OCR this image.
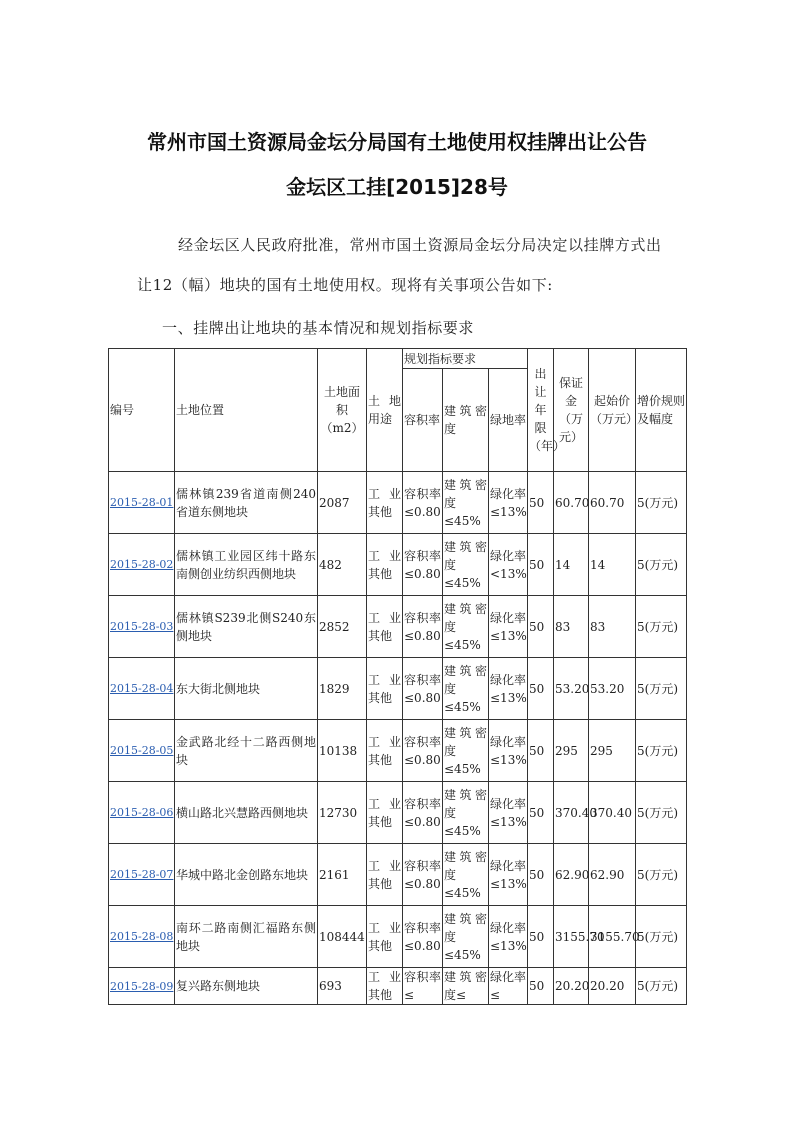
常州市国土资源局金坛分局国有土地使用权挂牌出让公告
金坛区工挂[2015]28号
经金坛区人民政府批准，常州市国土资源局金坛分局决定以挂牌方式出
让12（幅）地块的国有土地使用权。现将有关事项公告如下:
一、挂牌出让地块的基本情况和规划指标要求
编号	土地位置	土地面积（m2）	土地用途	规划指标要求			出让年限（年）	保证金（万元）	起始价（万元）	增价规则及幅度
				容积率	建筑密度	绿地率				
2015-28-01	儒林镇239省道南侧240省道东侧地块	2087	工业其他	容积率≤0.80	建筑密度≤45%	绿化率≤13%	50	60.70	60.70	5(万元)
2015-28-02	儒林镇工业园区纬十路东南侧创业纺织西侧地块	482	工业其他	容积率≤0.80	建筑密度≤45%	绿化率<13%	50	14	14	5(万元)
2015-28-03	儒林镇S239北侧S240东侧地块	2852	工业其他	容积率≤0.80	建筑密度≤45%	绿化率≤13%	50	83	83	5(万元)
2015-28-04	东大街北侧地块	1829	工业其他	容积率≤0.80	建筑密度≤45%	绿化率≤13%	50	53.20	53.20	5(万元)
2015-28-05	金武路北经十二路西侧地块	10138	工业其他	容积率≤0.80	建筑密度≤45%	绿化率≤13%	50	295	295	5(万元)
2015-28-06	横山路北兴慧路西侧地块	12730	工业其他	容积率≤0.80	建筑密度≤45%	绿化率≤13%	50	370.40	370.40	5(万元)
2015-28-07	华城中路北金创路东地块	2161	工业其他	容积率≤0.80	建筑密度≤45%	绿化率≤13%	50	62.90	62.90	5(万元)
2015-28-08	南环二路南侧汇福路东侧地块	108444	工业其他	容积率≤0.80	建筑密度≤45%	绿化率≤13%	50	3155.70	3155.70	5(万元)
2015-28-09	复兴路东侧地块	693	工业其他	容积率≤	建筑密度≤	绿化率≤	50	20.20	20.20	5(万元)
